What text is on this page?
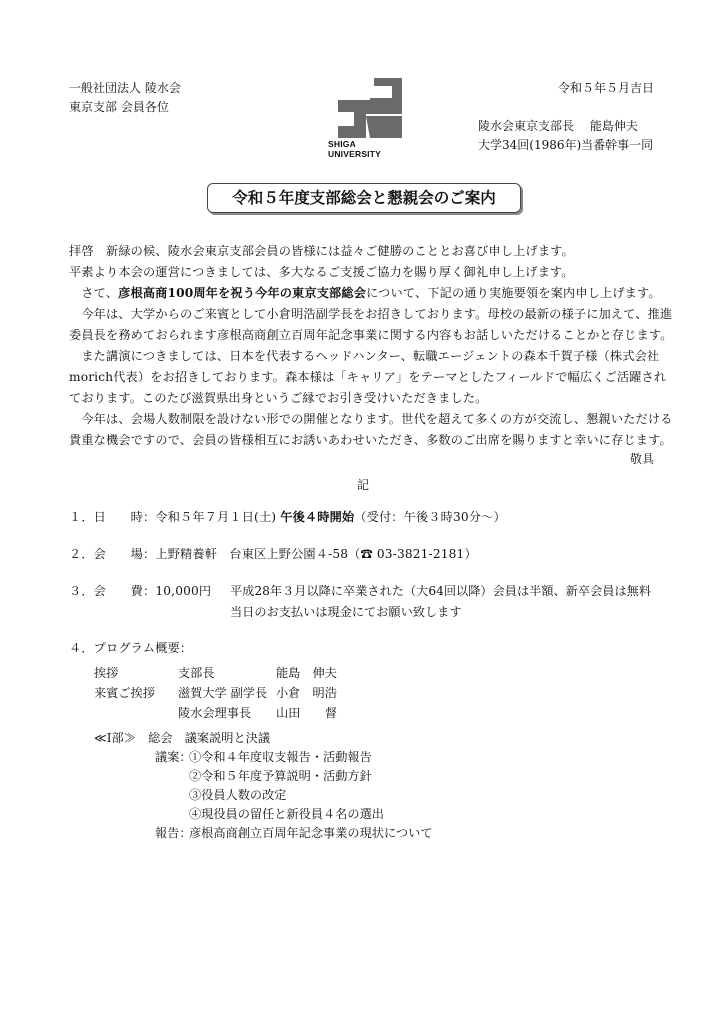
一般社団法人 陵水会
東京支部 会員各位
令和５年５月吉日
陵水会東京支部長　 能島伸夫
大学34回(1986年)当番幹事一同
SHIGA UNIVERSITY
令和５年度支部総会と懇親会のご案内
拝啓　新緑の候、陵水会東京支部会員の皆様には益々ご健勝のこととお喜び申し上げます。
平素より本会の運営につきましては、多大なるご支援ご協力を賜り厚く御礼申し上げます。
　さて、彦根高商100周年を祝う今年の東京支部総会について、下記の通り実施要領を案内申し上げます。
　今年は、大学からのご来賓として小倉明浩副学長をお招きしております。母校の最新の様子に加えて、推進
委員長を務めておられます彦根高商創立百周年記念事業に関する内容もお話しいただけることかと存じます。
　また講演につきましては、日本を代表するヘッドハンター、転職エージェントの森本千賀子様（株式会社
morich代表）をお招きしております。森本様は「キャリア」をテーマとしたフィールドで幅広くご活躍され
ております。このたび滋賀県出身というご縁でお引き受けいただきました。
　今年は、会場人数制限を設けない形での開催となります。世代を超えて多くの方が交流し、懇親いただける
貴重な機会ですので、会員の皆様相互にお誘いあわせいただき、多数のご出席を賜りますと幸いに存じます。
敬具
記
１．日　　時：令和５年７月１日(土) 午後４時開始（受付：午後３時30分～）
２．会　　場：上野精養軒　台東区上野公園４-58（☎ 03-3821-2181）
３．会　　費：10,000円 平成28年３月以降に卒業された（大64回以降）会員は半額、新卒会員は無料
当日のお支払いは現金にてお願い致します
４．プログラム概要：
挨拶	支部長	能島　伸夫
来賓ご挨拶 滋賀大学 副学長 小倉　明浩
陵水会理事長 山田　　督
≪Ⅰ部≫　総会　議案説明と決議
議案：
①令和４年度収支報告・活動報告
②令和５年度予算説明・活動方針
③役員人数の改定
④現役員の留任と新役員４名の選出
報告：
彦根高商創立百周年記念事業の現状について
